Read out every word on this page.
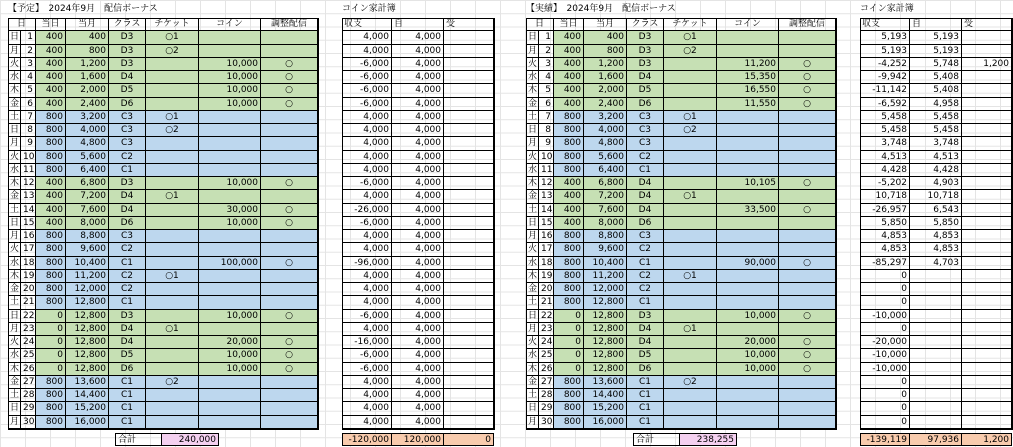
【予定】　2024年9月　配信ボーナス
日	当日	当月	クラス	チケット	コイン	調整配信
日 1	400	400	D3	○1
月 2	400	800	D3	○2
火 3	400	1,200	D3	10,000	○
水 4	400	1,600	D4	10,000	○
木 5	400	2,000	D5	10,000	○
金 6	400	2,400	D6	10,000	○
土 7	800	3,200	C3	○1
日 8	800	4,000	C3	○2
月 9	800	4,800	C3
火 10	800	5,600	C2
水 11	800	6,400	C1
木 12	400	6,800	D3	10,000	○
金 13	400	7,200	D4	○1
土 14	400	7,600	D4	30,000	○
日 15	400	8,000	D6	10,000	○
月 16	800	8,800	C3
火 17	800	9,600	C2
水 18	800	10,400	C1	100,000	○
木 19	800	11,200	C2	○1
金 20	800	12,000	C2
土 21	800	12,800	C1
日 22	0	12,800	D3	10,000	○
月 23	0	12,800	D4	○1
火 24	0	12,800	D4	20,000	○
水 25	0	12,800	D5	10,000	○
木 26	0	12,800	D6	10,000	○
金 27	800	13,600	C1	○2
土 28	800	14,400	C1
日 29	800	15,200	C1
月 30	800	16,000	C1
合計	240,000
コイン家計簿
収支	自	受
4,000	4,000
4,000	4,000
-6,000	4,000
-6,000	4,000
-6,000	4,000
-6,000	4,000
4,000	4,000
4,000	4,000
4,000	4,000
4,000	4,000
4,000	4,000
-6,000	4,000
4,000	4,000
-26,000	4,000
-6,000	4,000
4,000	4,000
4,000	4,000
-96,000	4,000
4,000	4,000
4,000	4,000
4,000	4,000
-6,000	4,000
4,000	4,000
-16,000	4,000
-6,000	4,000
-6,000	4,000
4,000	4,000
4,000	4,000
4,000	4,000
4,000	4,000
-120,000	120,000	0
【実績】　2024年9月　配信ボーナス
日	当日	当月	クラス	チケット	コイン	調整配信
日 1	400	400	D3	○1
月 2	400	800	D3	○2
火 3	400	1,200	D3	11,200	○
水 4	400	1,600	D4	15,350	○
木 5	400	2,000	D5	16,550	○
金 6	400	2,400	D6	11,550	○
土 7	800	3,200	C3	○1
日 8	800	4,000	C3	○2
月 9	800	4,800	C3
火 10	800	5,600	C2
水 11	800	6,400	C1
木 12	400	6,800	D4	10,105	○
金 13	400	7,200	D4	○1
土 14	400	7,600	D4	33,500	○
日 15	400	8,000	D6
月 16	800	8,800	C3
火 17	800	9,600	C2
水 18	800	10,400	C1	90,000	○
木 19	800	11,200	C2	○1
金 20	800	12,000	C2
土 21	800	12,800	C1
日 22	0	12,800	D3	10,000	○
月 23	0	12,800	D4	○1
火 24	0	12,800	D4	20,000	○
水 25	0	12,800	D5	10,000	○
木 26	0	12,800	D6	10,000	○
金 27	800	13,600	C1	○2
土 28	800	14,400	C1
日 29	800	15,200	C1
月 30	800	16,000	C1
合計	238,255
コイン家計簿
収支	自	受
5,193	5,193
5,193	5,193
-4,252	5,748	1,200
-9,942	5,408
-11,142	5,408
-6,592	4,958
5,458	5,458
5,458	5,458
3,748	3,748
4,513	4,513
4,428	4,428
-5,202	4,903
10,718	10,718
-26,957	6,543
5,850	5,850
4,853	4,853
4,853	4,853
-85,297	4,703
0
0
0
-10,000
0
-20,000
-10,000
-10,000
0
0
0
0
-139,119	97,936	1,200
